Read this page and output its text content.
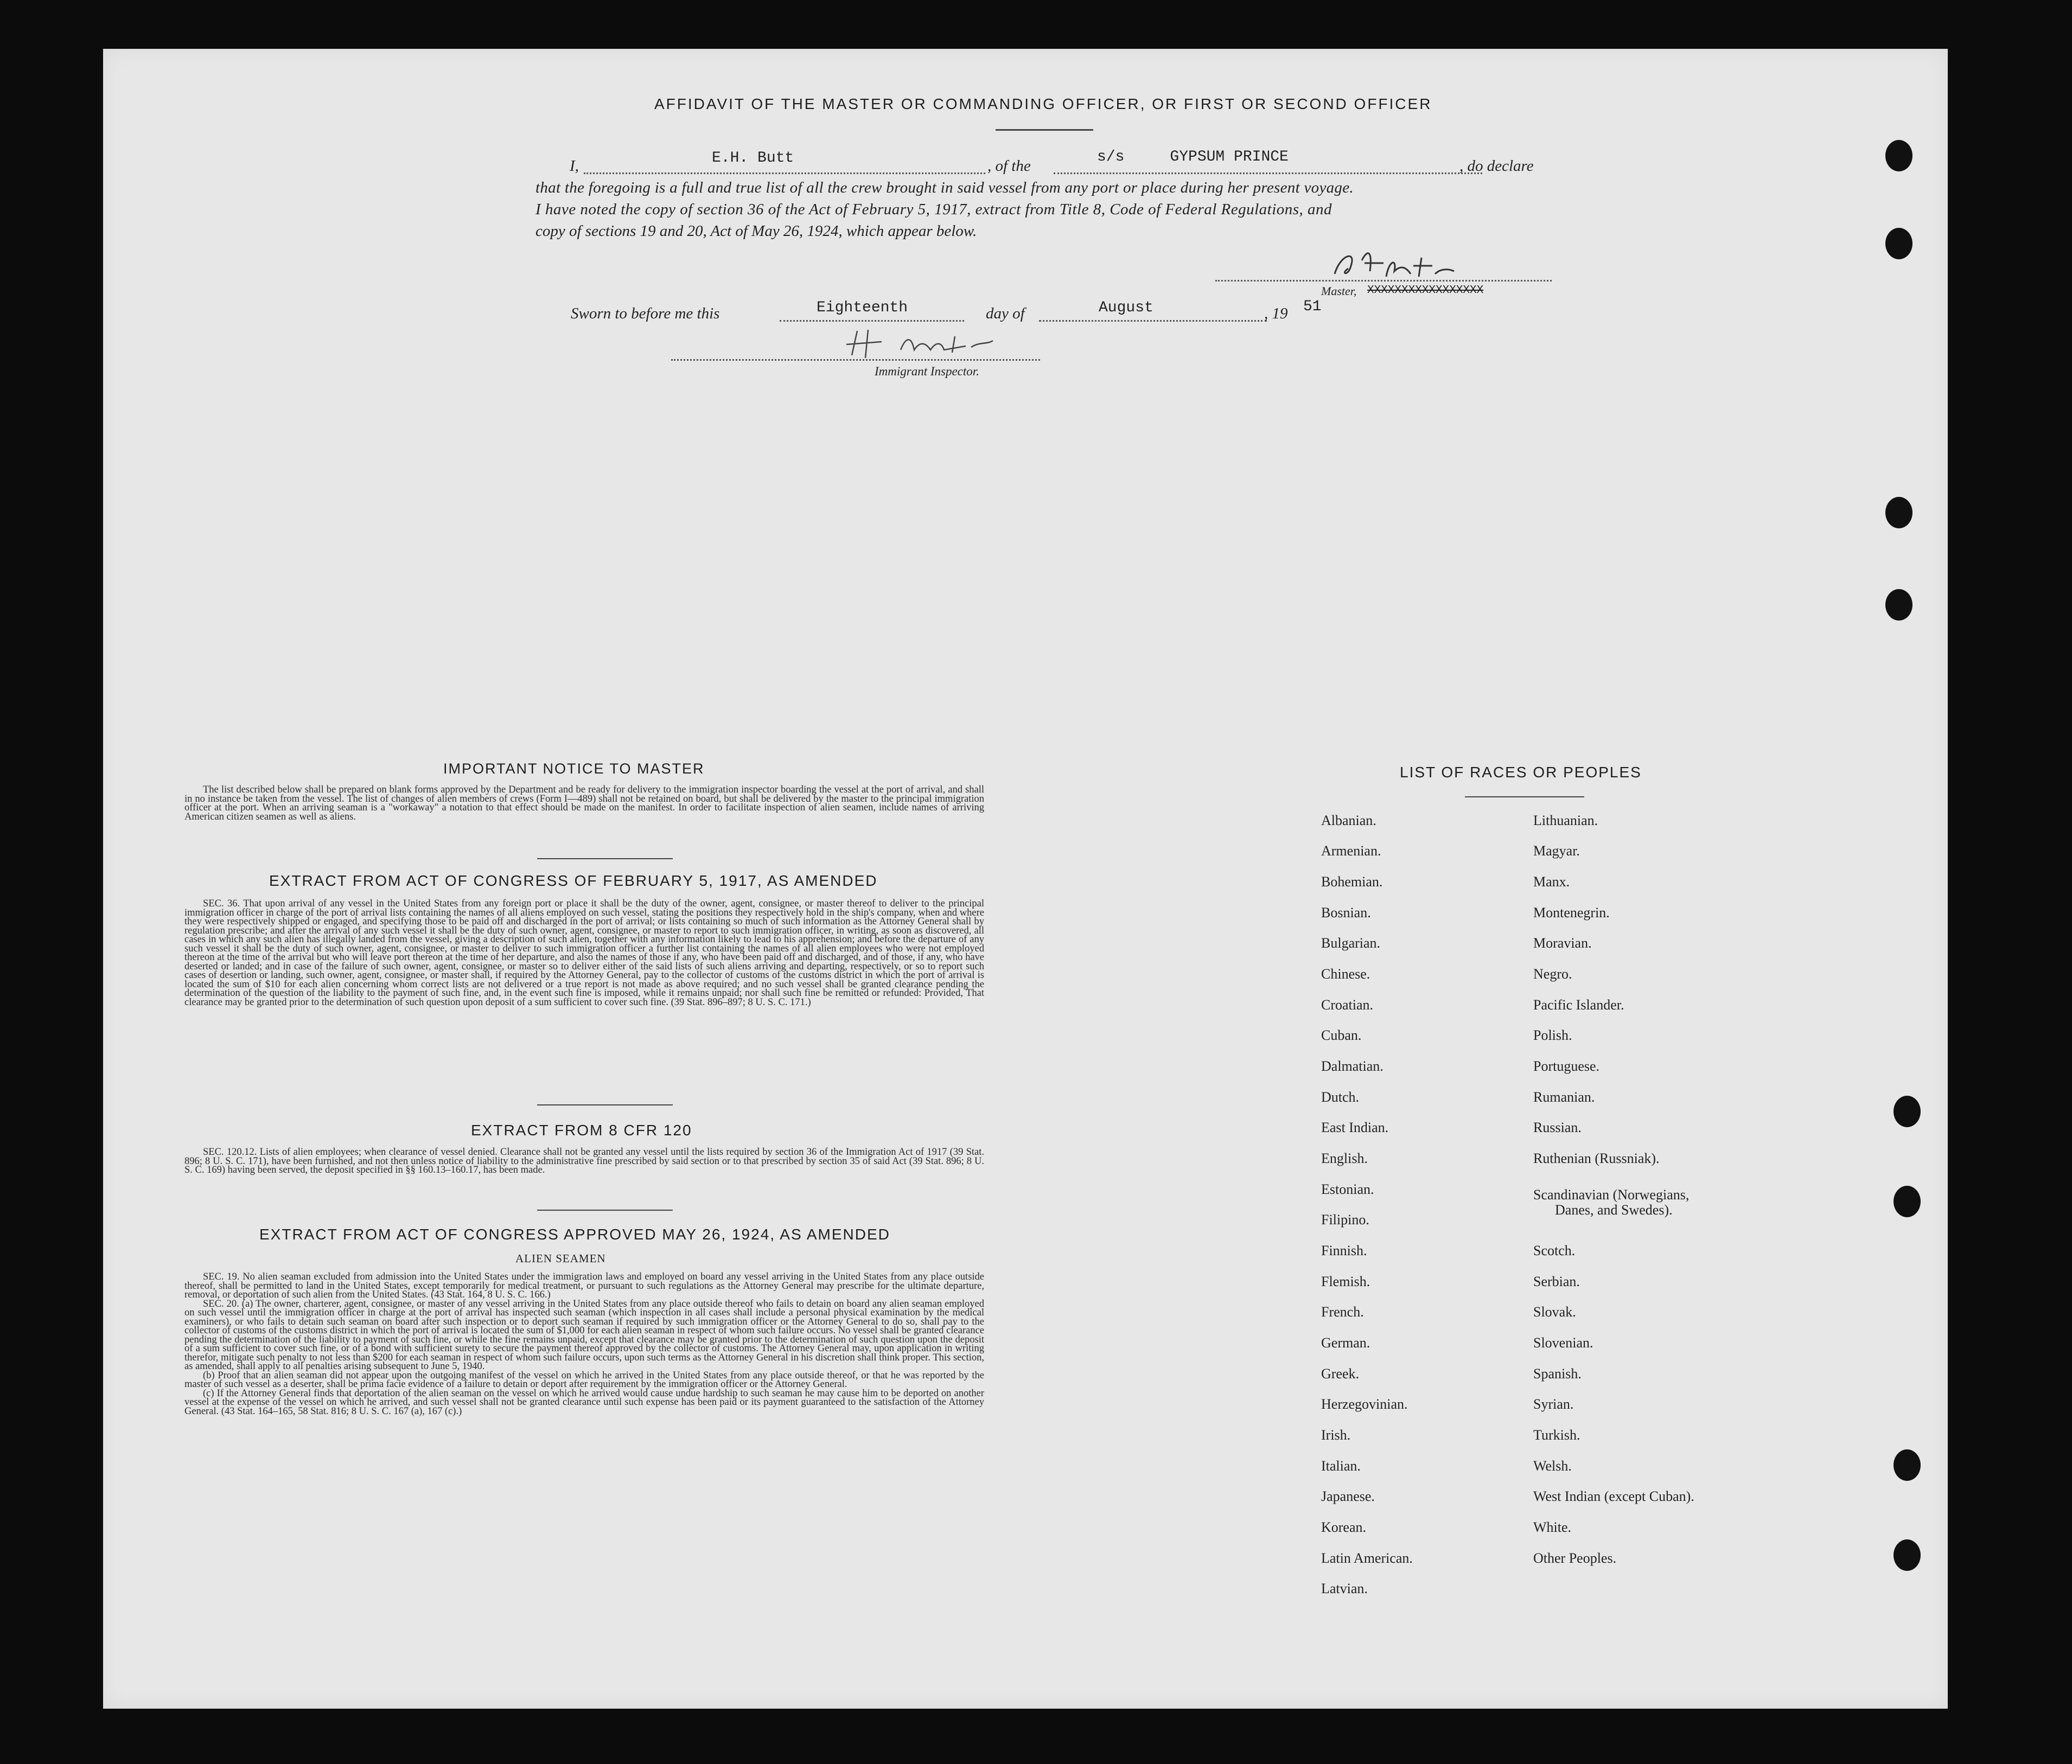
AFFIDAVIT OF THE MASTER OR COMMANDING OFFICER, OR FIRST OR SECOND OFFICER
I,	E.H. Butt	, of the
s/s     GYPSUM PRINCE
, do declare
that the foregoing is a full and true list of all the crew brought in said vessel from any port or place during her present voyage.
I have noted the copy of section 36 of the Act of February 5, 1917, extract from Title 8, Code of Federal Regulations, and
copy of sections 19 and 20, Act of May 26, 1924, which appear below.
Master, XXXXXXXXXXXXXXXXX
Sworn to before me this	Eighteenth	day of	August	, 19 51
Immigrant Inspector.
IMPORTANT NOTICE TO MASTER

The list described below shall be prepared on blank forms approved by the Department and be ready for delivery to the immigration inspector boarding the vessel at the port of arrival, and shall in no instance be taken from the vessel. The list of changes of alien members of crews (Form I—489) shall not be retained on board, but shall be delivered by the master to the principal immigration officer at the port. When an arriving seaman is a "workaway" a notation to that effect should be made on the manifest. In order to facilitate inspection of alien seamen, include names of arriving American citizen seamen as well as aliens.

EXTRACT FROM ACT OF CONGRESS OF FEBRUARY 5, 1917, AS AMENDED

SEC. 36. That upon arrival of any vessel in the United States from any foreign port or place it shall be the duty of the owner, agent, consignee, or master thereof to deliver to the principal immigration officer in charge of the port of arrival lists containing the names of all aliens employed on such vessel, stating the positions they respectively hold in the ship's company, when and where they were respectively shipped or engaged, and specifying those to be paid off and discharged in the port of arrival; or lists containing so much of such information as the Attorney General shall by regulation prescribe; and after the arrival of any such vessel it shall be the duty of such owner, agent, consignee, or master to report to such immigration officer, in writing, as soon as discovered, all cases in which any such alien has illegally landed from the vessel, giving a description of such alien, together with any information likely to lead to his apprehension; and before the departure of any such vessel it shall be the duty of such owner, agent, consignee, or master to deliver to such immigration officer a further list containing the names of all alien employees who were not employed thereon at the time of the arrival but who will leave port thereon at the time of her departure, and also the names of those if any, who have been paid off and discharged, and of those, if any, who have deserted or landed; and in case of the failure of such owner, agent, consignee, or master so to deliver either of the said lists of such aliens arriving and departing, respectively, or so to report such cases of desertion or landing, such owner, agent, consignee, or master shall, if required by the Attorney General, pay to the collector of customs of the customs district in which the port of arrival is located the sum of $10 for each alien concerning whom correct lists are not delivered or a true report is not made as above required; and no such vessel shall be granted clearance pending the determination of the question of the liability to the payment of such fine, and, in the event such fine is imposed, while it remains unpaid; nor shall such fine be remitted or refunded: Provided, That clearance may be granted prior to the determination of such question upon deposit of a sum sufficient to cover such fine. (39 Stat. 896–897; 8 U. S. C. 171.)

EXTRACT FROM 8 CFR 120

SEC. 120.12. Lists of alien employees; when clearance of vessel denied. Clearance shall not be granted any vessel until the lists required by section 36 of the Immigration Act of 1917 (39 Stat. 896; 8 U. S. C. 171), have been furnished, and not then unless notice of liability to the administrative fine prescribed by said section or to that prescribed by section 35 of said Act (39 Stat. 896; 8 U. S. C. 169) having been served, the deposit specified in §§ 160.13–160.17, has been made.

EXTRACT FROM ACT OF CONGRESS APPROVED MAY 26, 1924, AS AMENDED
ALIEN SEAMEN

SEC. 19. No alien seaman excluded from admission into the United States under the immigration laws and employed on board any vessel arriving in the United States from any place outside thereof, shall be permitted to land in the United States, except temporarily for medical treatment, or pursuant to such regulations as the Attorney General may prescribe for the ultimate departure, removal, or deportation of such alien from the United States. (43 Stat. 164, 8 U. S. C. 166.)

SEC. 20. (a) The owner, charterer, agent, consignee, or master of any vessel arriving in the United States from any place outside thereof who fails to detain on board any alien seaman employed on such vessel until the immigration officer in charge at the port of arrival has inspected such seaman (which inspection in all cases shall include a personal physical examination by the medical examiners), or who fails to detain such seaman on board after such inspection or to deport such seaman if required by such immigration officer or the Attorney General to do so, shall pay to the collector of customs of the customs district in which the port of arrival is located the sum of $1,000 for each alien seaman in respect of whom such failure occurs. No vessel shall be granted clearance pending the determination of the liability to payment of such fine, or while the fine remains unpaid, except that clearance may be granted prior to the determination of such question upon the deposit of a sum sufficient to cover such fine, or of a bond with sufficient surety to secure the payment thereof approved by the collector of customs. The Attorney General may, upon application in writing therefor, mitigate such penalty to not less than $200 for each seaman in respect of whom such failure occurs, upon such terms as the Attorney General in his discretion shall think proper. This section, as amended, shall apply to all penalties arising subsequent to June 5, 1940.

(b) Proof that an alien seaman did not appear upon the outgoing manifest of the vessel on which he arrived in the United States from any place outside thereof, or that he was reported by the master of such vessel as a deserter, shall be prima facie evidence of a failure to detain or deport after requirement by the immigration officer or the Attorney General.

(c) If the Attorney General finds that deportation of the alien seaman on the vessel on which he arrived would cause undue hardship to such seaman he may cause him to be deported on another vessel at the expense of the vessel on which he arrived, and such vessel shall not be granted clearance until such expense has been paid or its payment guaranteed to the satisfaction of the Attorney General. (43 Stat. 164–165, 58 Stat. 816; 8 U. S. C. 167 (a), 167 (c).)

LIST OF RACES OR PEOPLES
Albanian.
Armenian.
Bohemian.
Bosnian.
Bulgarian.
Chinese.
Croatian.
Cuban.
Dalmatian.
Dutch.
East Indian.
English.
Estonian.
Filipino.
Finnish.
Flemish.
French.
German.
Greek.
Herzegovinian.
Irish.
Italian.
Japanese.
Korean.
Latin American.
Latvian.
Lithuanian.
Magyar.
Manx.
Montenegrin.
Moravian.
Negro.
Pacific Islander.
Polish.
Portuguese.
Rumanian.
Russian.
Ruthenian (Russniak).
Scandinavian (Norwegians,
Danes, and Swedes).
Scotch.
Serbian.
Slovak.
Slovenian.
Spanish.
Syrian.
Turkish.
Welsh.
West Indian (except Cuban).
White.
Other Peoples.
